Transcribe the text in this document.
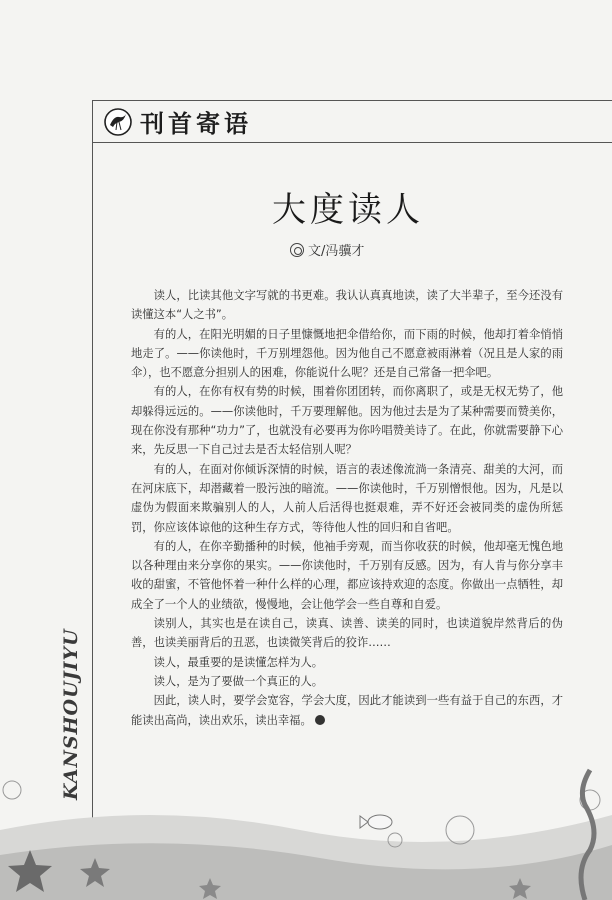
刊首寄语
大度读人
文/冯骥才

读人，比读其他文字写就的书更难。我认认真真地读，读了大半辈子，至今还没有读懂这本“人之书”。

有的人，在阳光明媚的日子里慷慨地把伞借给你，而下雨的时候，他却打着伞悄悄地走了。——你读他时，千万别埋怨他。因为他自己不愿意被雨淋着（况且是人家的雨伞），也不愿意分担别人的困难，你能说什么呢？还是自己常备一把伞吧。

有的人，在你有权有势的时候，围着你团团转，而你离职了，或是无权无势了，他却躲得远远的。——你读他时，千万要理解他。因为他过去是为了某种需要而赞美你，现在你没有那种“功力”了，也就没有必要再为你吟唱赞美诗了。在此，你就需要静下心来，先反思一下自己过去是否太轻信别人呢？

有的人，在面对你倾诉深情的时候，语言的表述像流淌一条清亮、甜美的大河，而在河床底下，却潜藏着一股污浊的暗流。——你读他时，千万别憎恨他。因为，凡是以虚伪为假面来欺骗别人的人，人前人后活得也挺艰难，弄不好还会被同类的虚伪所惩罚，你应该体谅他的这种生存方式，等待他人性的回归和自省吧。

有的人，在你辛勤播种的时候，他袖手旁观，而当你收获的时候，他却毫无愧色地以各种理由来分享你的果实。——你读他时，千万别有反感。因为，有人肯与你分享丰收的甜蜜，不管他怀着一种什么样的心理，都应该持欢迎的态度。你做出一点牺牲，却成全了一个人的业绩欲，慢慢地，会让他学会一些自尊和自爱。

读别人，其实也是在读自己，读真、读善、读美的同时，也读道貌岸然背后的伪善，也读美丽背后的丑恶，也读微笑背后的狡诈……

读人，最重要的是读懂怎样为人。

读人，是为了要做一个真正的人。

因此，读人时，要学会宽容，学会大度，因此才能读到一些有益于自己的东西，才能读出高尚，读出欢乐，读出幸福。

KANSHOUJIYU
